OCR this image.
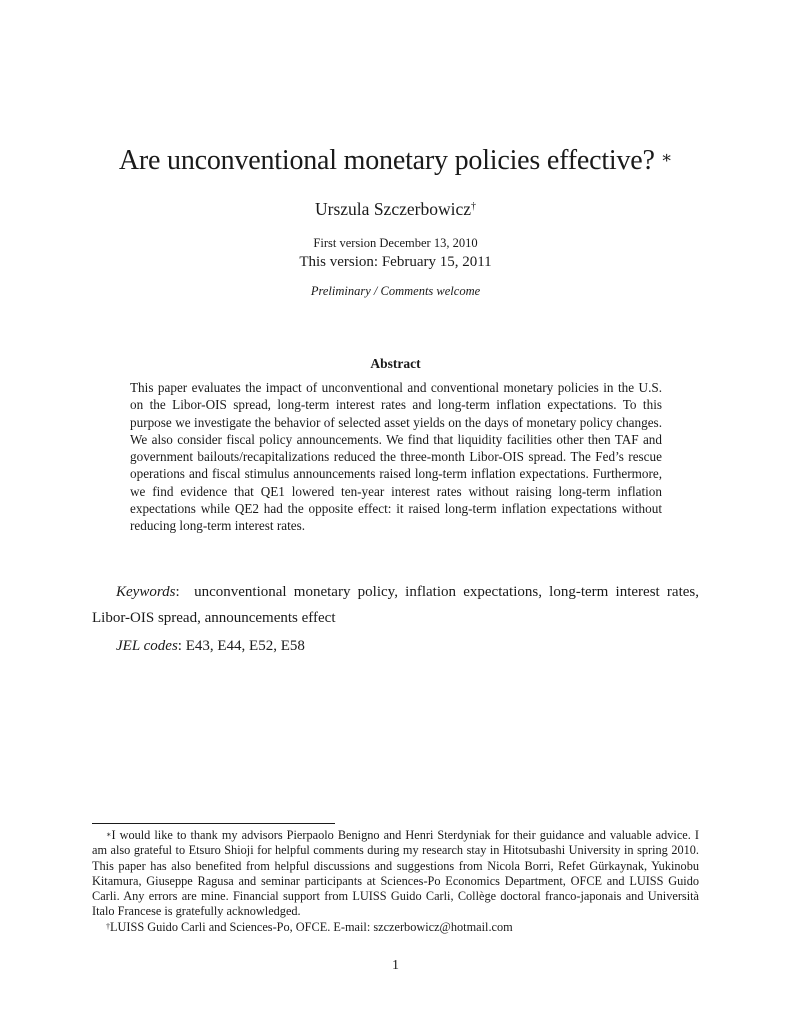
Are unconventional monetary policies effective? ∗
Urszula Szczerbowicz†
First version December 13, 2010
This version: February 15, 2011
Preliminary / Comments welcome
Abstract

This paper evaluates the impact of unconventional and conventional monetary policies in the U.S. on the Libor-OIS spread, long-term interest rates and long-term inflation expectations. To this purpose we investigate the behavior of selected asset yields on the days of monetary policy changes. We also consider fiscal policy announcements. We find that liquidity facilities other then TAF and government bailouts/recapitalizations reduced the three-month Libor-OIS spread. The Fed’s rescue operations and fiscal stimulus announcements raised long-term inflation expectations. Furthermore, we find evidence that QE1 lowered ten-year interest rates without raising long-term inflation expectations while QE2 had the opposite effect: it raised long-term inflation expectations without reducing long-term interest rates.

Keywords:  unconventional monetary policy, inflation expectations, long-term interest rates, Libor-OIS spread, announcements effect

JEL codes: E43, E44, E52, E58

∗I would like to thank my advisors Pierpaolo Benigno and Henri Sterdyniak for their guidance and valuable advice. I am also grateful to Etsuro Shioji for helpful comments during my research stay in Hitotsubashi University in spring 2010. This paper has also benefited from helpful discussions and suggestions from Nicola Borri, Refet Gürkaynak, Yukinobu Kitamura, Giuseppe Ragusa and seminar participants at Sciences-Po Economics Department, OFCE and LUISS Guido Carli. Any errors are mine. Financial support from LUISS Guido Carli, Collège doctoral franco-japonais and Università Italo Francese is gratefully acknowledged.

†LUISS Guido Carli and Sciences-Po, OFCE. E-mail: szczerbowicz@hotmail.com

1
